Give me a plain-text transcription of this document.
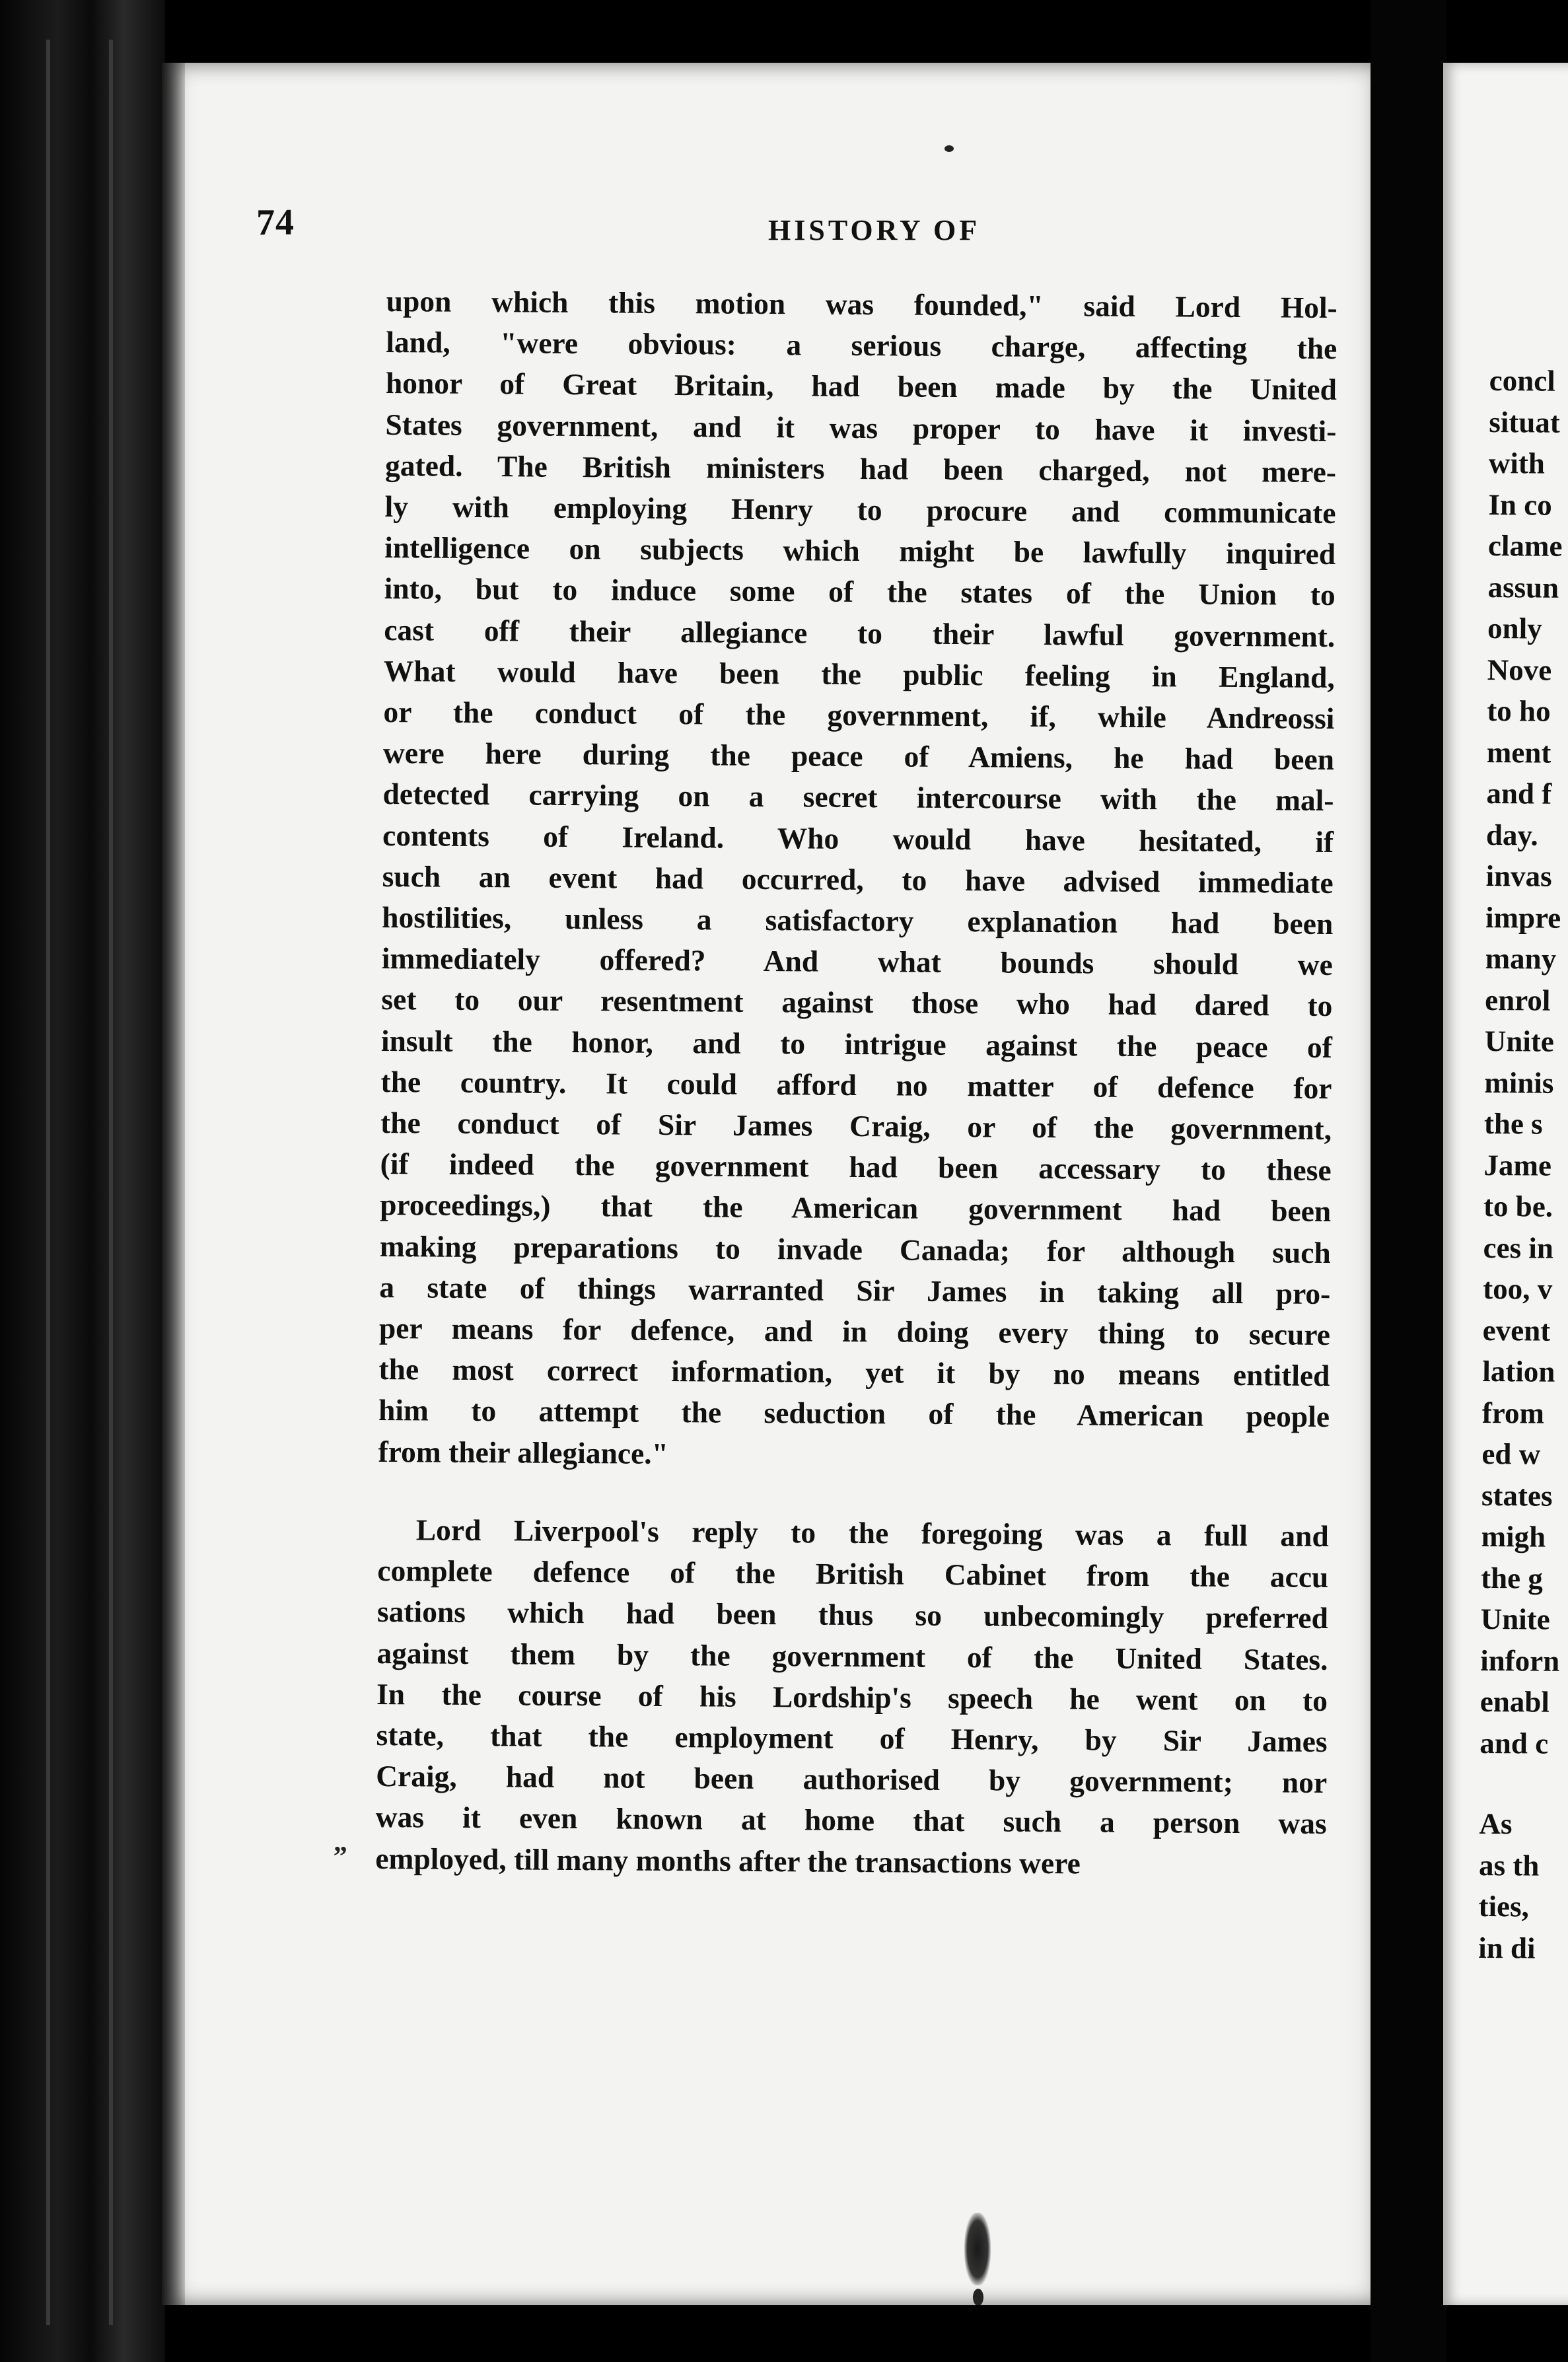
74	HISTORY OF
upon which this motion was founded," said Lord Hol-
land, "were obvious: a serious charge, affecting the
honor of Great Britain, had been made by the United
States government, and it was proper to have it investi-
gated. The British ministers had been charged, not mere-
ly with employing Henry to procure and communicate
intelligence on subjects which might be lawfully inquired
into, but to induce some of the states of the Union to
cast off their allegiance to their lawful government.
What would have been the public feeling in England,
or the conduct of the government, if, while Andreossi
were here during the peace of Amiens, he had been
detected carrying on a secret intercourse with the mal-
contents of Ireland. Who would have hesitated, if
such an event had occurred, to have advised immediate
hostilities, unless a satisfactory explanation had been
immediately offered? And what bounds should we
set to our resentment against those who had dared to
insult the honor, and to intrigue against the peace of
the country. It could afford no matter of defence for
the conduct of Sir James Craig, or of the government,
(if indeed the government had been accessary to these
proceedings,) that the American government had been
making preparations to invade Canada; for although such
a state of things warranted Sir James in taking all pro-
per means for defence, and in doing every thing to secure
the most correct information, yet it by no means entitled
him to attempt the seduction of the American people
from their allegiance."
Lord Liverpool's reply to the foregoing was a full and
complete defence of the British Cabinet from the accu
sations which had been thus so unbecomingly preferred
against them by the government of the United States.
In the course of his Lordship's speech he went on to
state, that the employment of Henry, by Sir James
Craig, had not been authorised by government; nor
was it even known at home that such a person was
employed, till many months after the transactions were
„
concl
situat
with
In co
clame
assun
only
Nove
to ho
ment
and f
day.
invas
impre
many
enrol
Unite
minis
the s
Jame
to be.
ces in
too, v
event
lation
from
ed w
states
migh
the g
Unite
inforn
enabl
and c
As
as th
ties,
in di
